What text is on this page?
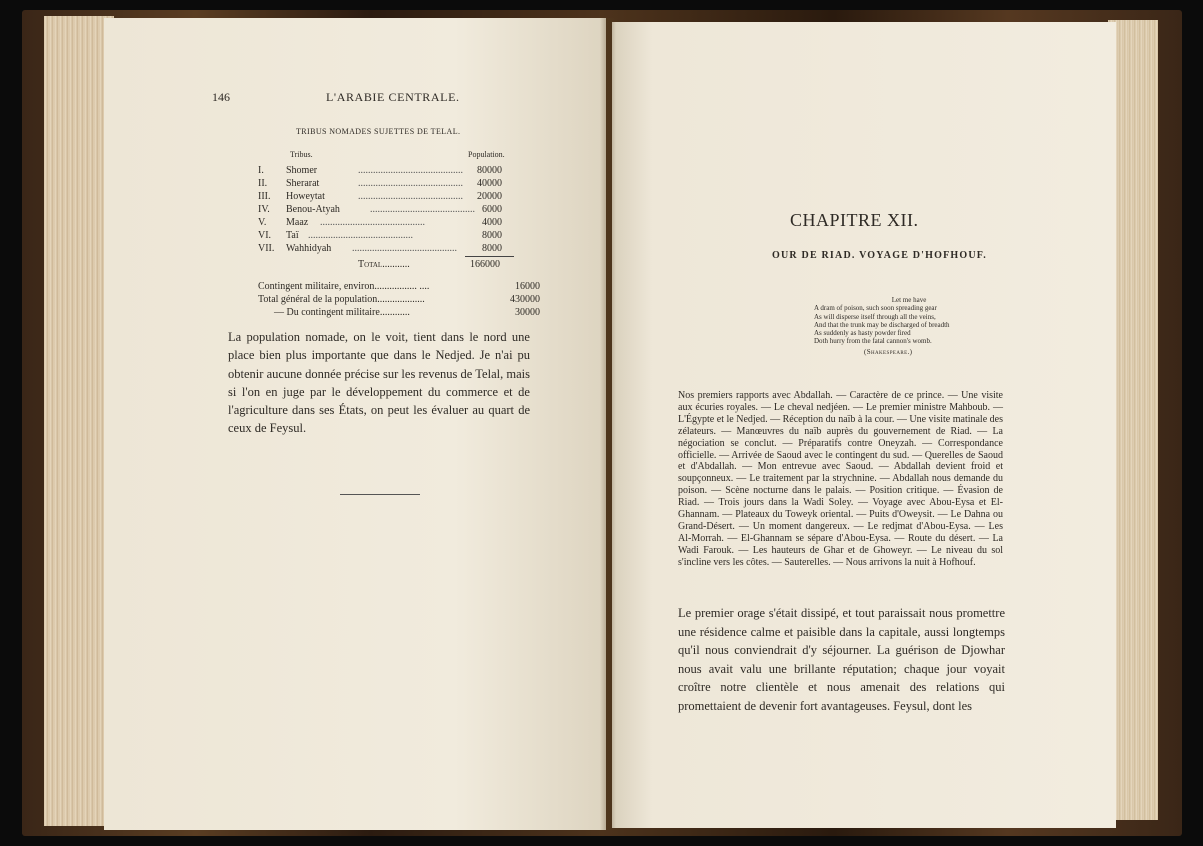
146	L'ARABIE CENTRALE.
TRIBUS NOMADES SUJETTES DE TELAL.
Tribus.	Population.
I.	Shomer	..........................................	80000
II.	Sherarat	..........................................	40000
III.	Howeytat	..........................................	20000
IV.	Benou-Atyah	.......................................... 6000
V.	Maaz ..........................................	4000
VI.	Taï ..........................................	8000
VII.	Wahhidyah ..........................................	8000
Total...........	166000
Contingent militaire, environ................. ....	16000
Total général de la population...................	430000
— Du contingent militaire............	30000
La population nomade, on le voit, tient dans le nord une place bien plus importante que dans le Nedjed. Je n'ai pu obtenir aucune donnée précise sur les revenus de Telal, mais si l'on en juge par le développement du commerce et de l'agriculture dans ses États, on peut les évaluer au quart de ceux de Feysul.
CHAPITRE XII.
OUR DE RIAD. VOYAGE D'HOFHOUF.
Let me have
A dram of poison, such soon spreading gear
As will disperse itself through all the veins,
And that the trunk may be discharged of breadth
As suddenly as hasty powder fired
Doth hurry from the fatal cannon's womb.
(Shakespeare.)
Nos premiers rapports avec Abdallah. — Caractère de ce prince. — Une visite aux écuries royales. — Le cheval nedjéen. — Le premier ministre Mahboub. — L'Égypte et le Nedjed. — Réception du naïb à la cour. — Une visite matinale des zélateurs. — Manœuvres du naïb auprès du gouvernement de Riad. — La négociation se conclut. — Préparatifs contre Oneyzah. — Correspondance officielle. — Arrivée de Saoud avec le contingent du sud. — Querelles de Saoud et d'Abdallah. — Mon entrevue avec Saoud. — Abdallah devient froid et soupçonneux. — Le traitement par la strychnine. — Abdallah nous demande du poison. — Scène nocturne dans le palais. — Position critique. — Évasion de Riad. — Trois jours dans la Wadi Soley. — Voyage avec Abou-Eysa et El-Ghannam. — Plateaux du Toweyk oriental. — Puits d'Oweysit. — Le Dahna ou Grand-Désert. — Un moment dangereux. — Le redjmat d'Abou-Eysa. — Les Al-Morrah. — El-Ghannam se sépare d'Abou-Eysa. — Route du désert. — La Wadi Farouk. — Les hauteurs de Ghar et de Ghoweyr. — Le niveau du sol s'incline vers les côtes. — Sauterelles. — Nous arrivons la nuit à Hofhouf.
Le premier orage s'était dissipé, et tout paraissait nous promettre une résidence calme et paisible dans la capitale, aussi longtemps qu'il nous conviendrait d'y séjourner. La guérison de Djowhar nous avait valu une brillante réputation; chaque jour voyait croître notre clientèle et nous amenait des relations qui promettaient de devenir fort avantageuses. Feysul, dont les
